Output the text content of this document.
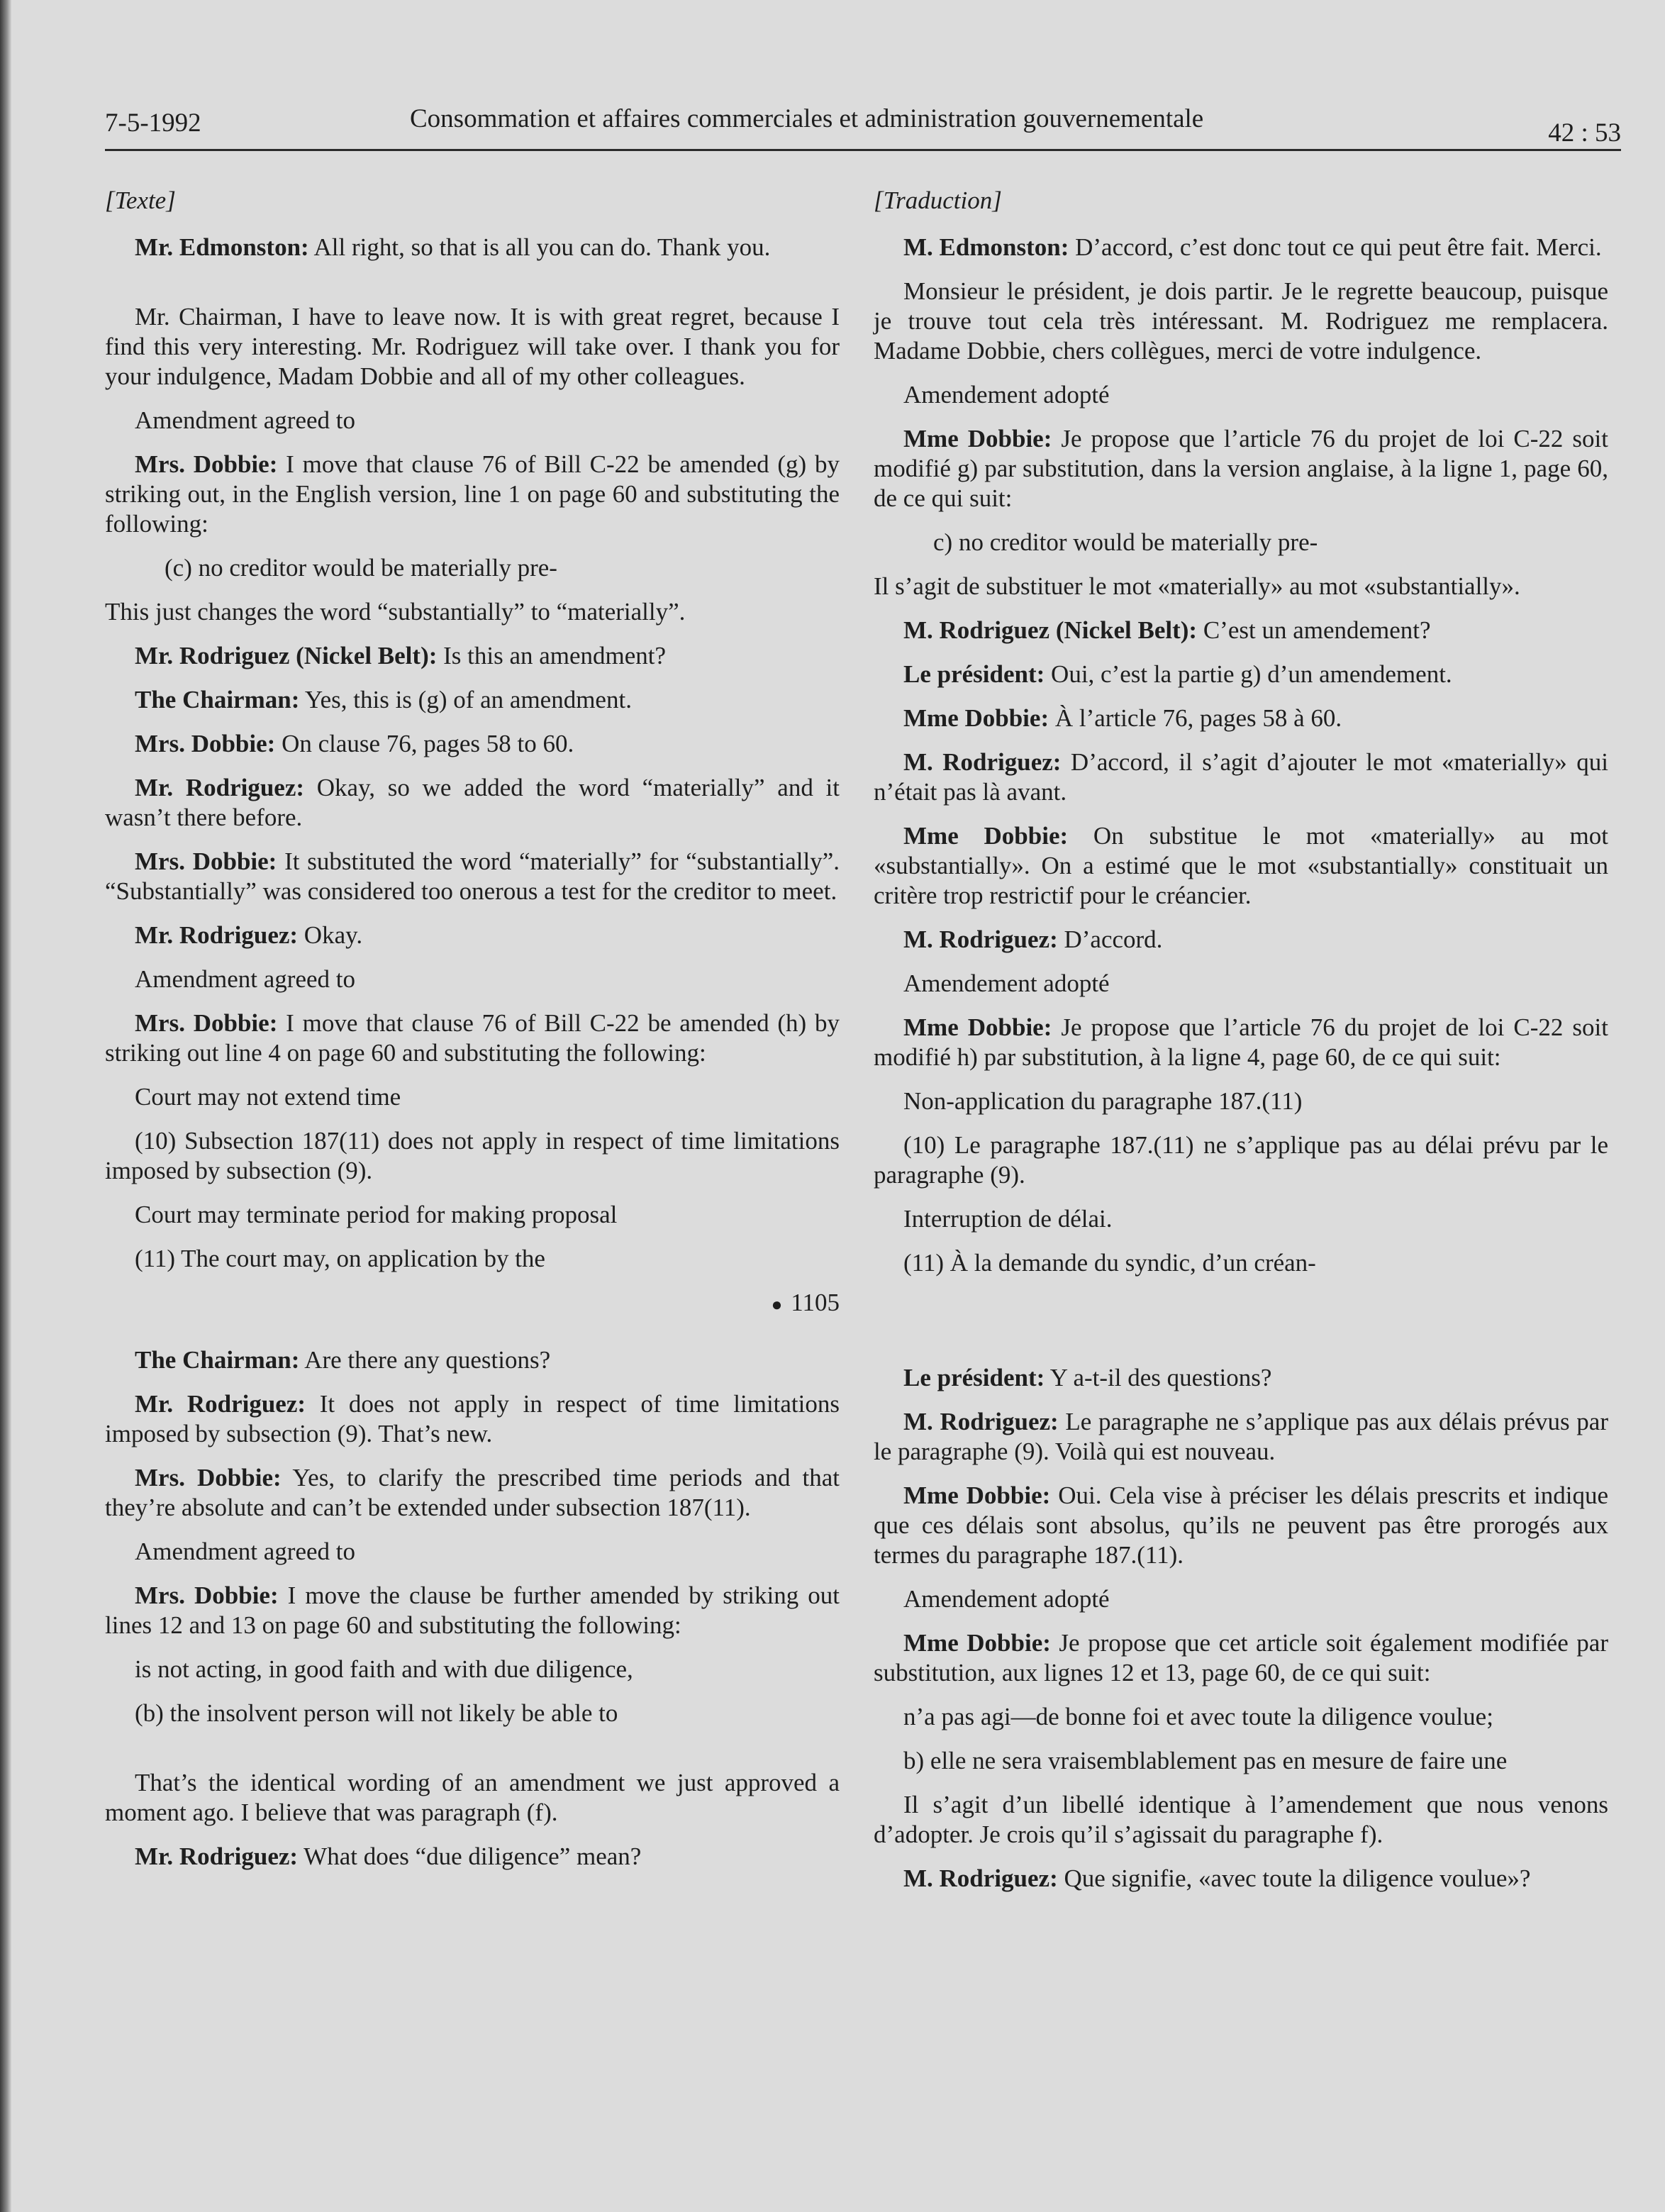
7-5-1992	Consommation et affaires commerciales et administration gouvernementale	42 : 53
[Texte]

Mr. Edmonston: All right, so that is all you can do. Thank you.

Mr. Chairman, I have to leave now. It is with great regret, because I find this very interesting. Mr. Rodriguez will take over. I thank you for your indulgence, Madam Dobbie and all of my other colleagues.

Amendment agreed to

Mrs. Dobbie: I move that clause 76 of Bill C-22 be amended (g) by striking out, in the English version, line 1 on page 60 and substituting the following:

(c) no creditor would be materially pre-

This just changes the word “substantially” to “materially”.

Mr. Rodriguez (Nickel Belt): Is this an amendment?

The Chairman: Yes, this is (g) of an amendment.

Mrs. Dobbie: On clause 76, pages 58 to 60.

Mr. Rodriguez: Okay, so we added the word “materially” and it wasn’t there before.

Mrs. Dobbie: It substituted the word “materially” for “substantially”. “Substantially” was considered too onerous a test for the creditor to meet.

Mr. Rodriguez: Okay.

Amendment agreed to

Mrs. Dobbie: I move that clause 76 of Bill C-22 be amended (h) by striking out line 4 on page 60 and substituting the following:

Court may not extend time

(10) Subsection 187(11) does not apply in respect of time limitations imposed by subsection (9).

Court may terminate period for making proposal

(11) The court may, on application by the

● 1105

The Chairman: Are there any questions?

Mr. Rodriguez: It does not apply in respect of time limitations imposed by subsection (9). That’s new.

Mrs. Dobbie: Yes, to clarify the prescribed time periods and that they’re absolute and can’t be extended under subsection 187(11).

Amendment agreed to

Mrs. Dobbie: I move the clause be further amended by striking out lines 12 and 13 on page 60 and substituting the following:

is not acting, in good faith and with due diligence,

(b) the insolvent person will not likely be able to

That’s the identical wording of an amendment we just approved a moment ago. I believe that was paragraph (f).

Mr. Rodriguez: What does “due diligence” mean?

[Traduction]

M. Edmonston: D’accord, c’est donc tout ce qui peut être fait. Merci.

Monsieur le président, je dois partir. Je le regrette beaucoup, puisque je trouve tout cela très intéressant. M. Rodriguez me remplacera. Madame Dobbie, chers collègues, merci de votre indulgence.

Amendement adopté

Mme Dobbie: Je propose que l’article 76 du projet de loi C-22 soit modifié g) par substitution, dans la version anglaise, à la ligne 1, page 60, de ce qui suit:

c) no creditor would be materially pre-

Il s’agit de substituer le mot «materially» au mot «substantially».

M. Rodriguez (Nickel Belt): C’est un amendement?

Le président: Oui, c’est la partie g) d’un amendement.

Mme Dobbie: À l’article 76, pages 58 à 60.

M. Rodriguez: D’accord, il s’agit d’ajouter le mot «materially» qui n’était pas là avant.

Mme Dobbie: On substitue le mot «materially» au mot «substantially». On a estimé que le mot «substantially» constituait un critère trop restrictif pour le créancier.

M. Rodriguez: D’accord.

Amendement adopté

Mme Dobbie: Je propose que l’article 76 du projet de loi C-22 soit modifié h) par substitution, à la ligne 4, page 60, de ce qui suit:

Non-application du paragraphe 187.(11)

(10) Le paragraphe 187.(11) ne s’applique pas au délai prévu par le paragraphe (9).

Interruption de délai.

(11) À la demande du syndic, d’un créan-

Le président: Y a-t-il des questions?

M. Rodriguez: Le paragraphe ne s’applique pas aux délais prévus par le paragraphe (9). Voilà qui est nouveau.

Mme Dobbie: Oui. Cela vise à préciser les délais prescrits et indique que ces délais sont absolus, qu’ils ne peuvent pas être prorogés aux termes du paragraphe 187.(11).

Amendement adopté

Mme Dobbie: Je propose que cet article soit également modifiée par substitution, aux lignes 12 et 13, page 60, de ce qui suit:

n’a pas agi—de bonne foi et avec toute la diligence voulue;

b) elle ne sera vraisemblablement pas en mesure de faire une

Il s’agit d’un libellé identique à l’amendement que nous venons d’adopter. Je crois qu’il s’agissait du paragraphe f).

M. Rodriguez: Que signifie, «avec toute la diligence voulue»?
